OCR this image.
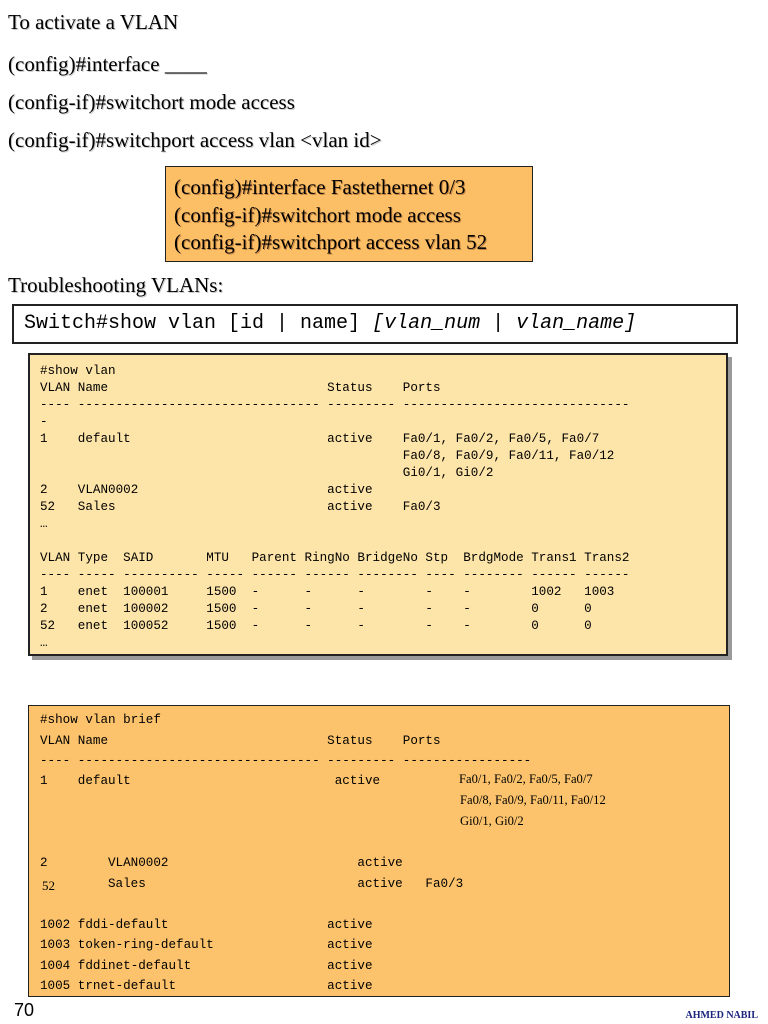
To activate a VLAN
(config)#interface ____
(config-if)#switchort mode access
(config-if)#switchport access vlan <vlan id>
(config)#interface Fastethernet 0/3
(config-if)#switchort mode access
(config-if)#switchport access vlan 52
Troubleshooting VLANs:
Switch#show vlan [id | name] [vlan_num | vlan_name]
#show vlan
VLAN Name                             Status    Ports
---- -------------------------------- --------- ------------------------------
-
1    default                          active    Fa0/1, Fa0/2, Fa0/5, Fa0/7
Fa0/8, Fa0/9, Fa0/11, Fa0/12
Gi0/1, Gi0/2
2    VLAN0002                         active
52   Sales                            active    Fa0/3
…
VLAN Type  SAID       MTU   Parent RingNo BridgeNo Stp  BrdgMode Trans1 Trans2
---- ----- ---------- ----- ------ ------ -------- ---- -------- ------ ------
1    enet  100001     1500  -      -      -        -    -        1002   1003
2    enet  100002     1500  -      -      -        -    -        0      0
52   enet  100052     1500  -      -      -        -    -        0      0
…
#show vlan brief
VLAN Name                             Status    Ports
---- -------------------------------- --------- -----------------
1    default                           active	Fa0/1, Fa0/2, Fa0/5, Fa0/7
Fa0/8, Fa0/9, Fa0/11, Fa0/12
Gi0/1, Gi0/2
2	VLAN0002                         active
52	Sales                            active   Fa0/3
1002 fddi-default                     active
1003 token-ring-default               active
1004 fddinet-default                  active
1005 trnet-default                    active
70	AHMED NABIL
